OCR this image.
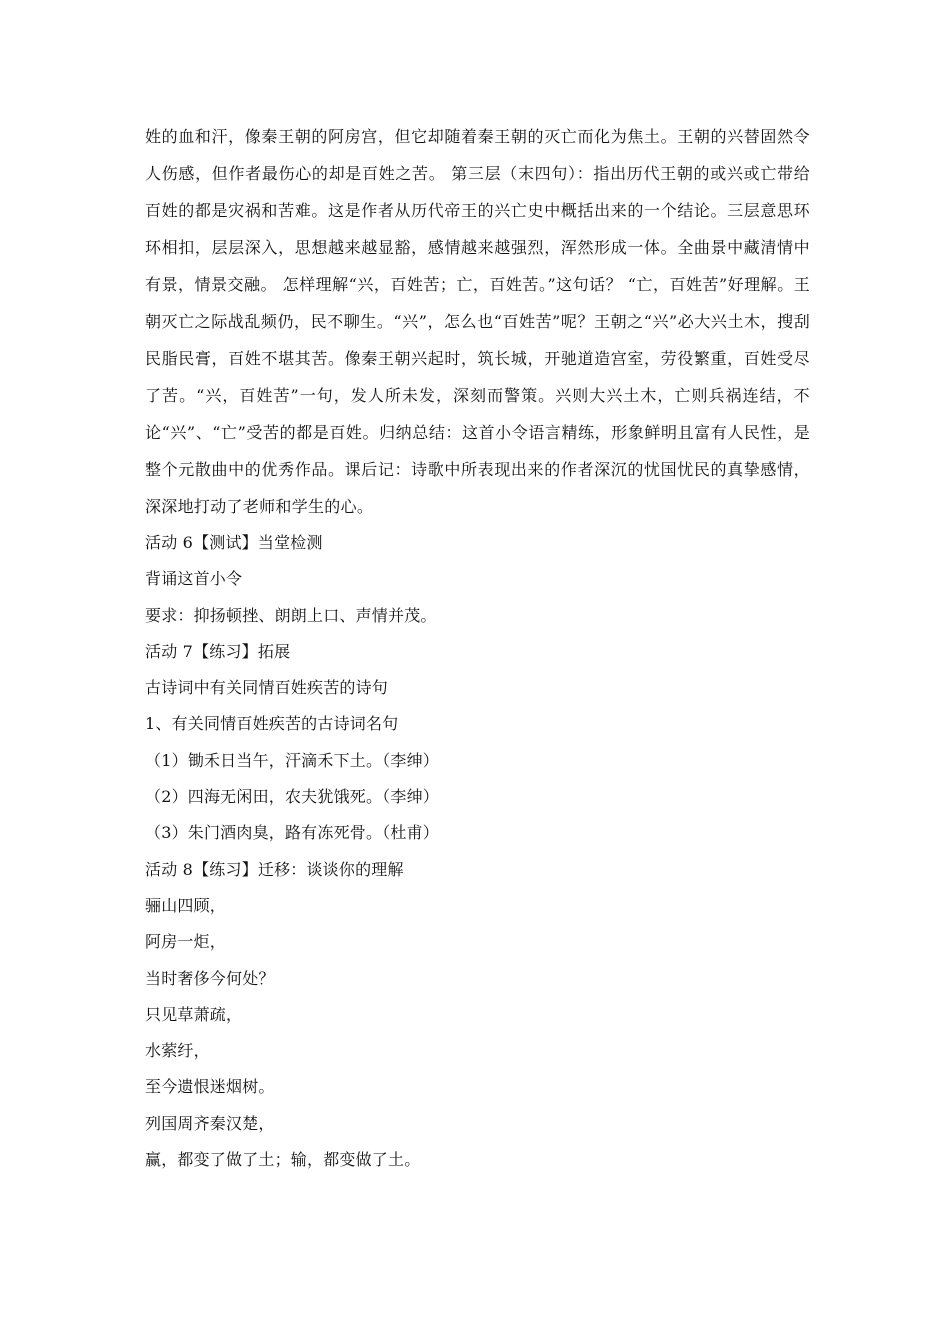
姓的血和汗，像秦王朝的阿房宫，但它却随着秦王朝的灭亡而化为焦土。王朝的兴替固然令人伤感，但作者最伤心的却是百姓之苦。 第三层（末四句）：指出历代王朝的或兴或亡带给百姓的都是灾祸和苦难。这是作者从历代帝王的兴亡史中概括出来的一个结论。三层意思环环相扣，层层深入，思想越来越显豁，感情越来越强烈，浑然形成一体。全曲景中藏清情中有景，情景交融。 怎样理解“兴，百姓苦；亡，百姓苦。”这句话？ “亡，百姓苦”好理解。王朝灭亡之际战乱频仍，民不聊生。“兴”，怎么也“百姓苦”呢？王朝之“兴”必大兴土木，搜刮民脂民膏，百姓不堪其苦。像秦王朝兴起时，筑长城，开驰道造宫室，劳役繁重，百姓受尽了苦。“兴，百姓苦”一句，发人所未发，深刻而警策。兴则大兴土木，亡则兵祸连结，不论“兴”、“亡”受苦的都是百姓。归纳总结：这首小令语言精练，形象鲜明且富有人民性，是整个元散曲中的优秀作品。课后记：诗歌中所表现出来的作者深沉的忧国忧民的真挚感情，深深地打动了老师和学生的心。

活动 6【测试】当堂检测
背诵这首小令
要求：抑扬顿挫、朗朗上口、声情并茂。
活动 7【练习】拓展
古诗词中有关同情百姓疾苦的诗句
1、有关同情百姓疾苦的古诗词名句
（1）锄禾日当午，汗滴禾下土。（李绅）
（2）四海无闲田，农夫犹饿死。（李绅）
（3）朱门酒肉臭，路有冻死骨。（杜甫）
活动 8【练习】迁移：谈谈你的理解
骊山四顾，
阿房一炬，
当时奢侈今何处？
只见草萧疏，
水萦纡，
至今遗恨迷烟树。
列国周齐秦汉楚，
赢，都变了做了土；输，都变做了土。
